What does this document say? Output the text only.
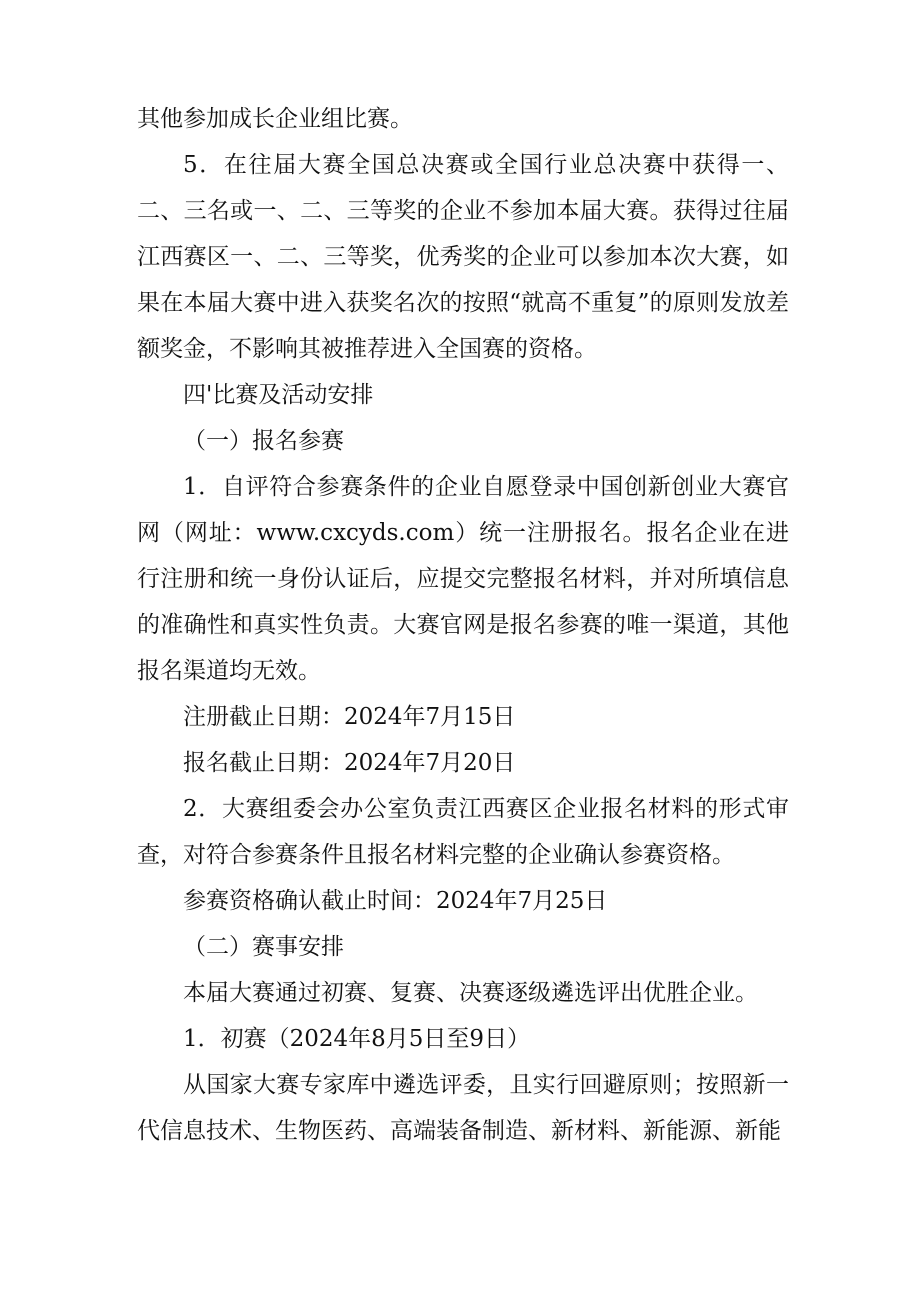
其他参加成长企业组比赛。

5．在往届大赛全国总决赛或全国行业总决赛中获得一、二、三名或一、二、三等奖的企业不参加本届大赛。获得过往届江西赛区一、二、三等奖，优秀奖的企业可以参加本次大赛，如果在本届大赛中进入获奖名次的按照“就高不重复”的原则发放差额奖金，不影响其被推荐进入全国赛的资格。

四'比赛及活动安排

（一）报名参赛

1．自评符合参赛条件的企业自愿登录中国创新创业大赛官网（网址：www.cxcyds.com）统一注册报名。报名企业在进行注册和统一身份认证后，应提交完整报名材料，并对所填信息的准确性和真实性负责。大赛官网是报名参赛的唯一渠道，其他报名渠道均无效。

注册截止日期：2024年7月15日

报名截止日期：2024年7月20日

2．大赛组委会办公室负责江西赛区企业报名材料的形式审查，对符合参赛条件且报名材料完整的企业确认参赛资格。

参赛资格确认截止时间：2024年7月25日

（二）赛事安排

本届大赛通过初赛、复赛、决赛逐级遴选评出优胜企业。

1．初赛（2024年8月5日至9日）

从国家大赛专家库中遴选评委，且实行回避原则；按照新一代信息技术、生物医药、高端装备制造、新材料、新能源、新能
